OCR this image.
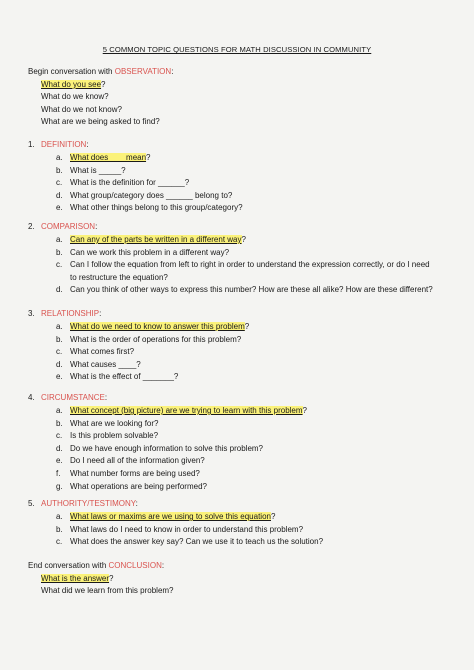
5 COMMON TOPIC QUESTIONS FOR MATH DISCUSSION IN COMMUNITY
Begin conversation with OBSERVATION:
What do you see?
What do we know?
What do we not know?
What are we being asked to find?
1. DEFINITION:
a. What does ___ mean?
b. What is _____?
c. What is the definition for ______?
d. What group/category does ______ belong to?
e. What other things belong to this group/category?
2. COMPARISON:
a. Can any of the parts be written in a different way?
b. Can we work this problem in a different way?
c. Can I follow the equation from left to right in order to understand the expression correctly, or do I need
to restructure the equation?
d. Can you think of other ways to express this number? How are these all alike? How are these different?
3. RELATIONSHIP:
a. What do we need to know to answer this problem?
b. What is the order of operations for this problem?
c. What comes first?
d. What causes ____?
e. What is the effect of _______?
4. CIRCUMSTANCE:
a. What concept (big picture) are we trying to learn with this problem?
b. What are we looking for?
c. Is this problem solvable?
d. Do we have enough information to solve this problem?
e. Do I need all of the information given?
f. What number forms are being used?
g. What operations are being performed?
5. AUTHORITY/TESTIMONY:
a. What laws or maxims are we using to solve this equation?
b. What laws do I need to know in order to understand this problem?
c. What does the answer key say? Can we use it to teach us the solution?
End conversation with CONCLUSION:
What is the answer?
What did we learn from this problem?
